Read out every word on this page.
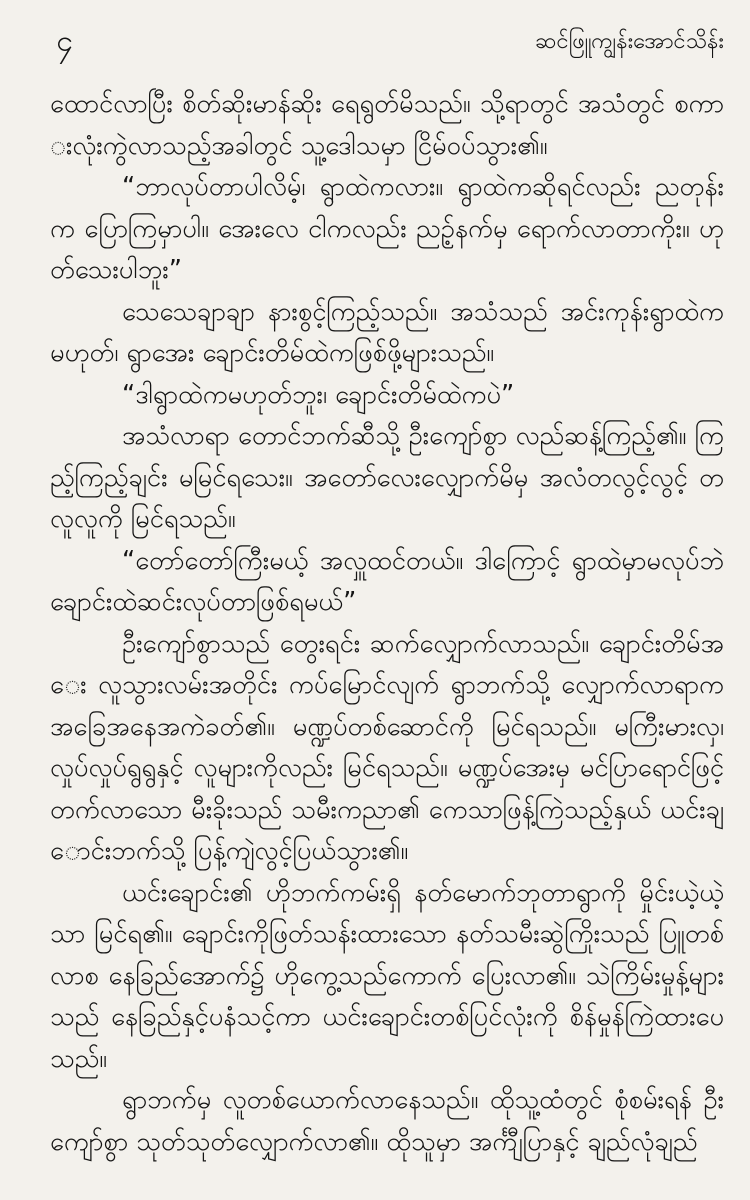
၄	ဆင်ဖြူကျွန်းအောင်သိန်း

ထောင်လာပြီး စိတ်ဆိုးမာန်ဆိုး ရေရွတ်မိသည်။ သို့ရာတွင် အသံတွင် စကားလုံးကွဲလာသည့်အခါတွင် သူ့ဒေါသမှာ ငြိမ်ဝပ်သွား၏။

“ဘာလုပ်တာပါလိမ့်၊ ရွာထဲကလား။ ရွာထဲကဆိုရင်လည်း ညတုန်းက ပြောကြမှာပါ။ အေးလေ ငါကလည်း ညဉ့်နက်မှ ရောက်လာတာကိုး။ ဟုတ်သေးပါဘူး”

သေသေချာချာ နားစွင့်ကြည့်သည်။ အသံသည် အင်းကုန်းရွာထဲက မဟုတ်၊ ရွာအေး ချောင်းတိမ်ထဲကဖြစ်ဖို့များသည်။

“ဒါရွာထဲကမဟုတ်ဘူး၊ ချောင်းတိမ်ထဲကပဲ”

အသံလာရာ တောင်ဘက်ဆီသို့ ဦးကျော်စွာ လည်ဆန့်ကြည့်၏။ ကြည့်ကြည့်ချင်း မမြင်ရသေး။ အတော်လေးလျှောက်မိမှ အလံတလွင့်လွင့် တလူလူကို မြင်ရသည်။

“တော်တော်ကြီးမယ့် အလှူထင်တယ်။ ဒါကြောင့် ရွာထဲမှာမလုပ်ဘဲ ချောင်းထဲဆင်းလုပ်တာဖြစ်ရမယ်”

ဦးကျော်စွာသည် တွေးရင်း ဆက်လျှောက်လာသည်။ ချောင်းတိမ်အေး လူသွားလမ်းအတိုင်း ကပ်မြောင်လျက် ရွာဘက်သို့ လျှောက်လာရာက အခြေအနေအကဲခတ်၏။ မဏ္ဍပ်တစ်ဆောင်ကို မြင်ရသည်။ မကြီးမားလှ၊ လှုပ်လှုပ်ရွရွနှင့် လူများကိုလည်း မြင်ရသည်။ မဏ္ဍပ်အေးမှ မင်ပြာရောင်ဖြင့် တက်လာသော မီးခိုးသည် သမီးကညာ၏ ကေသာဖြန့်ကြဲသည့်နှယ် ယင်းချောင်းဘက်သို့ ပြန့်ကျဲလွင့်ပြယ်သွား၏။

ယင်းချောင်း၏ ဟိုဘက်ကမ်းရှိ နတ်မောက်ဘုတာရွာကို မှိုင်းယဲ့ယဲ့သာ မြင်ရ၏။ ချောင်းကိုဖြတ်သန်းထားသော နတ်သမီးဆွဲကြိုးသည် ပြူတစ်လာစ နေခြည်အောက်၌ ဟိုကွေ့သည်ကောက် ပြေးလာ၏။ သဲကြိမ်းမှုန့်များသည် နေခြည်နှင့်ပနံသင့်ကာ ယင်းချောင်းတစ်ပြင်လုံးကို စိန်မှုန်ကြဲထားပေသည်။

ရွာဘက်မှ လူတစ်ယောက်လာနေသည်။ ထိုသူ့ထံတွင် စုံစမ်းရန် ဦးကျော်စွာ သုတ်သုတ်လျှောက်လာ၏။ ထိုသူမှာ အင်္ကျီပြာနှင့် ချည်လုံချည်
